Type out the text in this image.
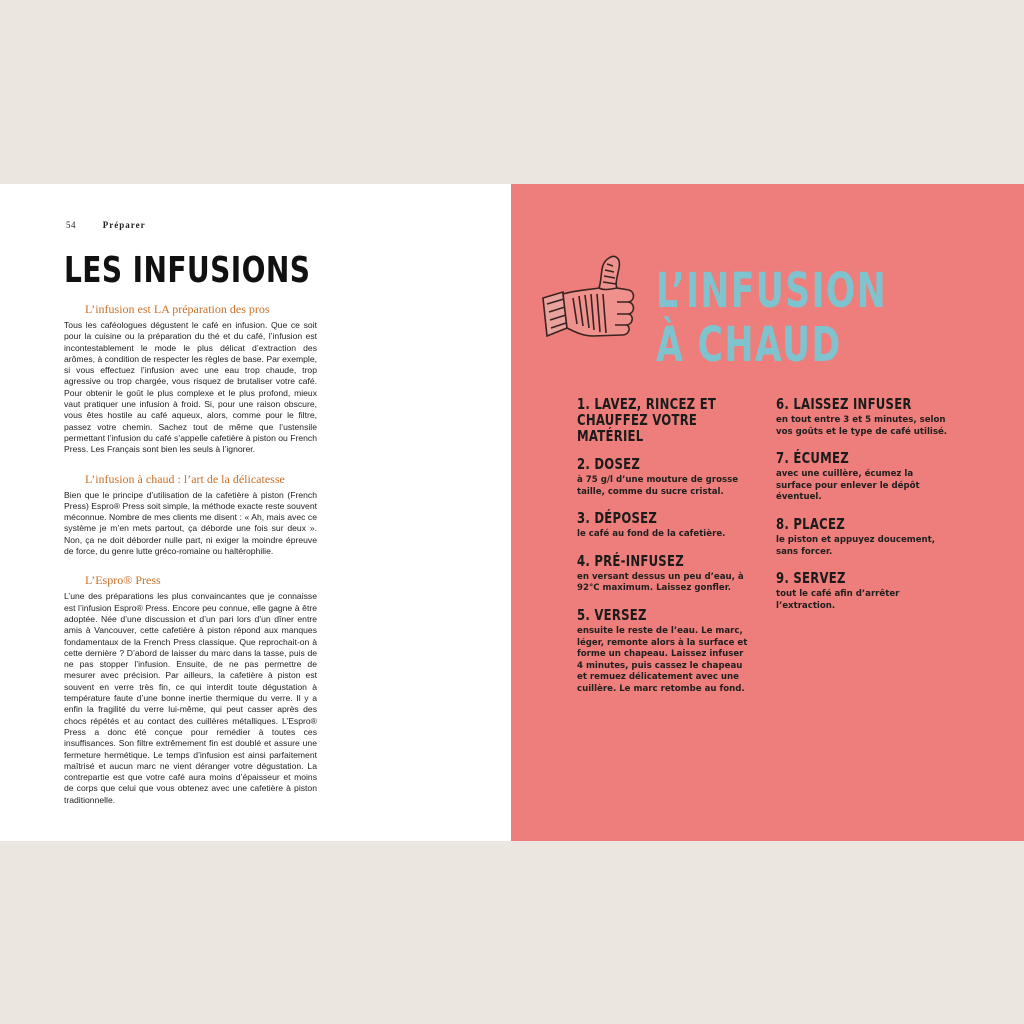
54	Préparer
LES INFUSIONS
L’infusion est LA préparation des pros

Tous les caféologues dégustent le café en infusion. Que ce soit pour la cuisine ou la préparation du thé et du café, l’infusion est incontestablement le mode le plus délicat d’extraction des arômes, à condition de respecter les règles de base. Par exemple, si vous effectuez l’infusion avec une eau trop chaude, trop agressive ou trop chargée, vous risquez de brutaliser votre café. Pour obtenir le goût le plus complexe et le plus profond, mieux vaut pratiquer une infusion à froid. Si, pour une raison obscure, vous êtes hostile au café aqueux, alors, comme pour le filtre, passez votre chemin. Sachez tout de même que l’ustensile permettant l’infusion du café s’appelle cafetière à piston ou French Press. Les Français sont bien les seuls à l’ignorer.

L’infusion à chaud : l’art de la délicatesse

Bien que le principe d’utilisation de la cafetière à piston (French Press) Espro® Press soit simple, la méthode exacte reste souvent méconnue. Nombre de mes clients me disent : « Ah, mais avec ce système je m’en mets partout, ça déborde une fois sur deux ». Non, ça ne doit déborder nulle part, ni exiger la moindre épreuve de force, du genre lutte gréco-romaine ou haltérophilie.

L’Espro® Press

L’une des préparations les plus convaincantes que je connaisse est l’infusion Espro® Press. Encore peu connue, elle gagne à être adoptée. Née d’une discussion et d’un pari lors d’un dîner entre amis à Vancouver, cette cafetière à piston répond aux manques fondamentaux de la French Press classique. Que reprochait-on à cette dernière ? D’abord de laisser du marc dans la tasse, puis de ne pas stopper l’infusion. Ensuite, de ne pas permettre de mesurer avec précision. Par ailleurs, la cafetière à piston est souvent en verre très fin, ce qui interdit toute dégustation à température faute d’une bonne inertie thermique du verre. Il y a enfin la fragilité du verre lui-même, qui peut casser après des chocs répétés et au contact des cuillères métalliques. L’Espro® Press a donc été conçue pour remédier à toutes ces insuffisances. Son filtre extrêmement fin est doublé et assure une fermeture hermétique. Le temps d’infusion est ainsi parfaitement maîtrisé et aucun marc ne vient déranger votre dégustation. La contrepartie est que votre café aura moins d’épaisseur et moins de corps que celui que vous obtenez avec une cafetière à piston traditionnelle.

L’INFUSION
À CHAUD
1. LAVEZ, RINCEZ ET CHAUFFEZ VOTRE MATÉRIEL
2. DOSEZ
à 75 g/l d’une mouture de grosse taille, comme du sucre cristal.
3. DÉPOSEZ
le café au fond de la cafetière.
4. PRÉ-INFUSEZ
en versant dessus un peu d’eau, à 92°C maximum. Laissez gonfler.
5. VERSEZ
ensuite le reste de l’eau. Le marc, léger, remonte alors à la surface et forme un chapeau. Laissez infuser 4 minutes, puis cassez le chapeau et remuez délicatement avec une cuillère. Le marc retombe au fond.
6. LAISSEZ INFUSER
en tout entre 3 et 5 minutes, selon vos goûts et le type de café utilisé.
7. ÉCUMEZ
avec une cuillère, écumez la surface pour enlever le dépôt éventuel.
8. PLACEZ
le piston et appuyez doucement, sans forcer.
9. SERVEZ
tout le café afin d’arrêter l’extraction.
